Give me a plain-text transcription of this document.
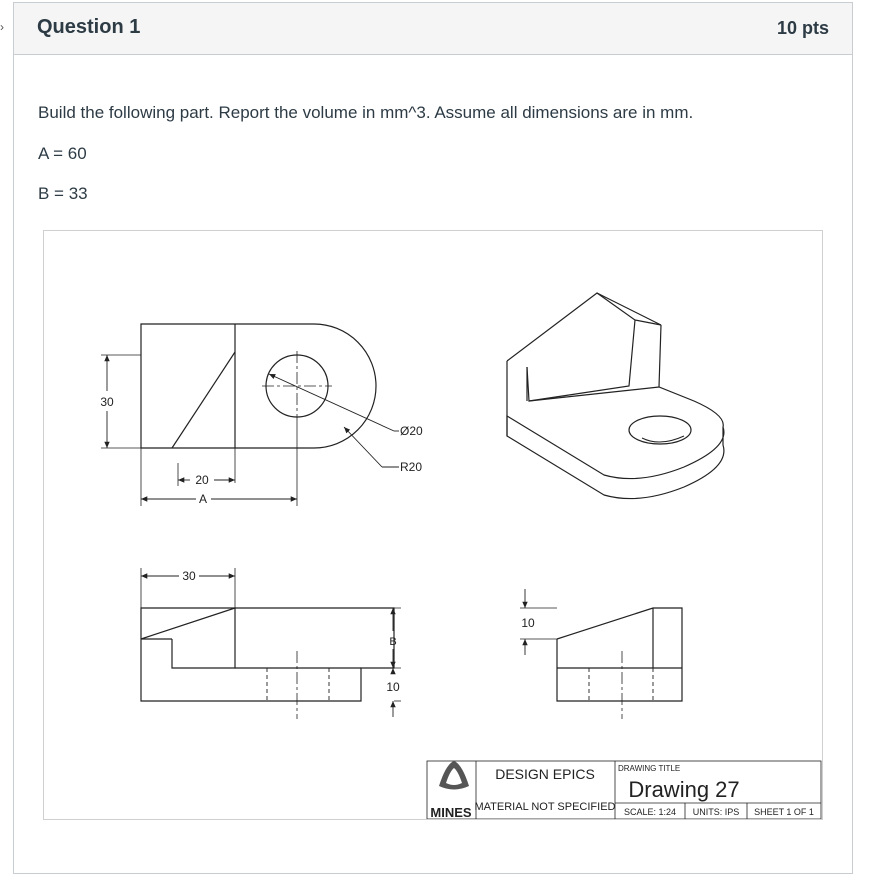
› Question 1	10 pts
Build the following part. Report the volume in mm^3. Assume all dimensions are in mm.
A = 60
B = 33
30
20
A
Ø20
R20
30
B
10
10
MINES
DESIGN EPICS
MATERIAL NOT SPECIFIED
DRAWING TITLE
Drawing 27
SCALE: 1:24 UNITS: IPS SHEET 1 OF 1
